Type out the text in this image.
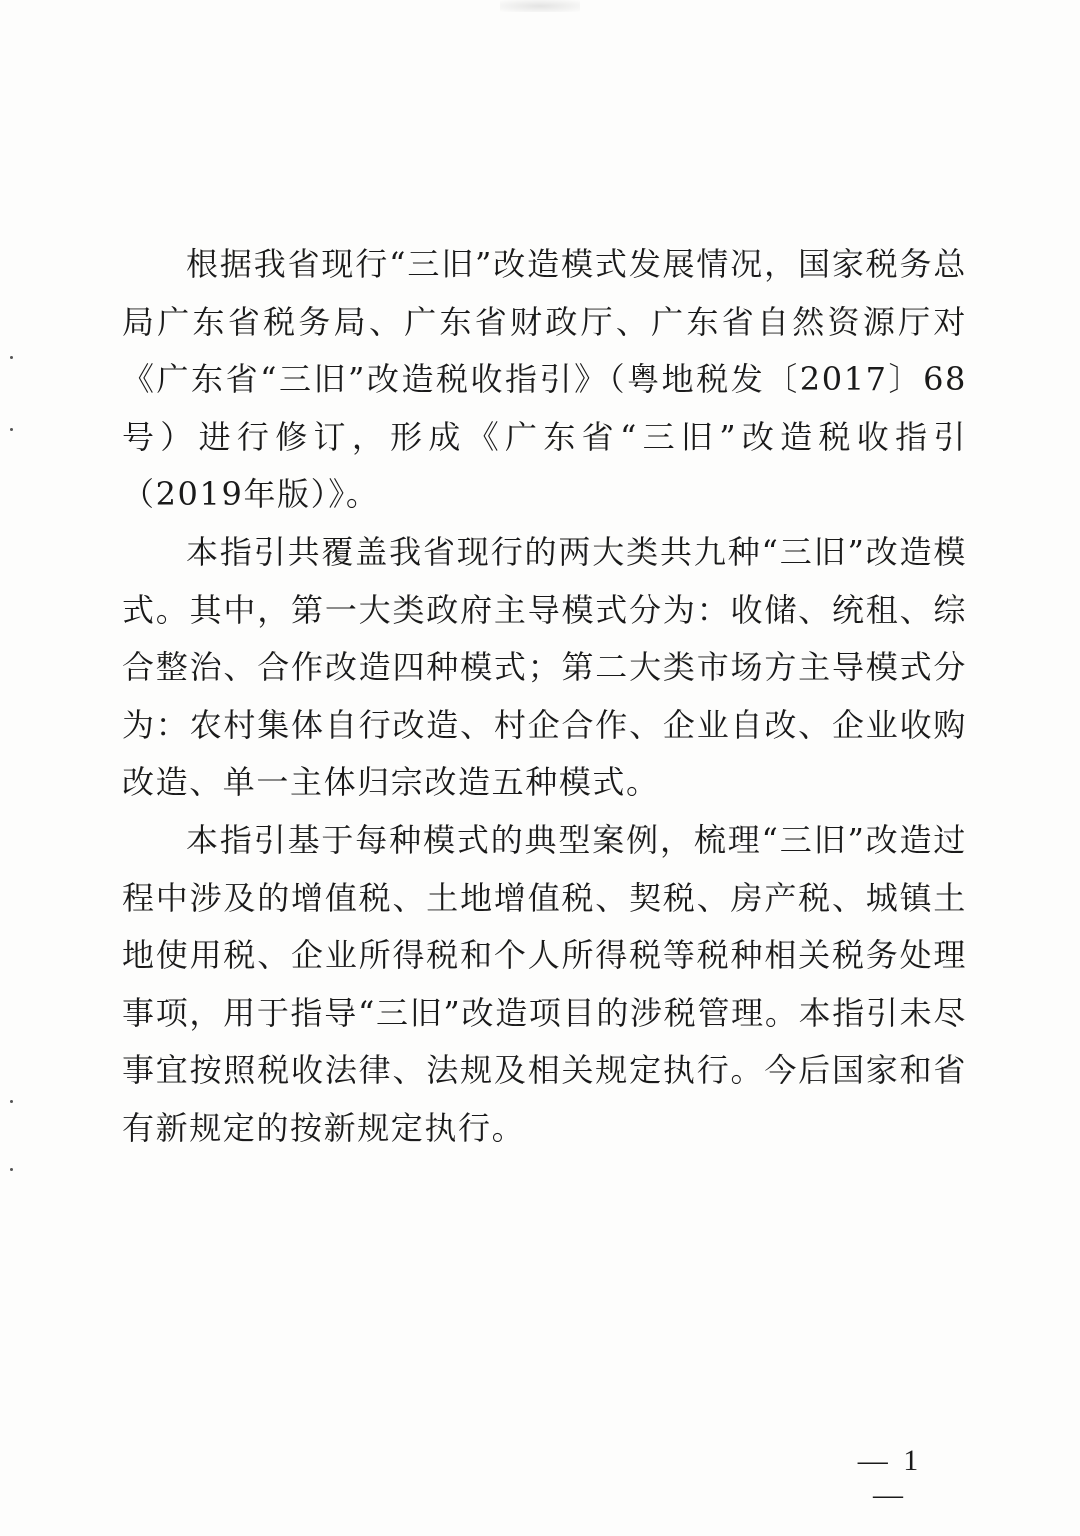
根据我省现行“三旧”改造模式发展情况，国家税务总局广东省税务局、广东省财政厅、广东省自然资源厅对《广东省“三旧”改造税收指引》（粤地税发〔2017〕68号）进行修订，形成《广东省“三旧”改造税收指引（2019年版）》。

本指引共覆盖我省现行的两大类共九种“三旧”改造模式。其中，第一大类政府主导模式分为：收储、统租、综合整治、合作改造四种模式；第二大类市场方主导模式分为：农村集体自行改造、村企合作、企业自改、企业收购改造、单一主体归宗改造五种模式。

本指引基于每种模式的典型案例，梳理“三旧”改造过程中涉及的增值税、土地增值税、契税、房产税、城镇土地使用税、企业所得税和个人所得税等税种相关税务处理事项，用于指导“三旧”改造项目的涉税管理。本指引未尽事宜按照税收法律、法规及相关规定执行。今后国家和省有新规定的按新规定执行。

— 1 —
